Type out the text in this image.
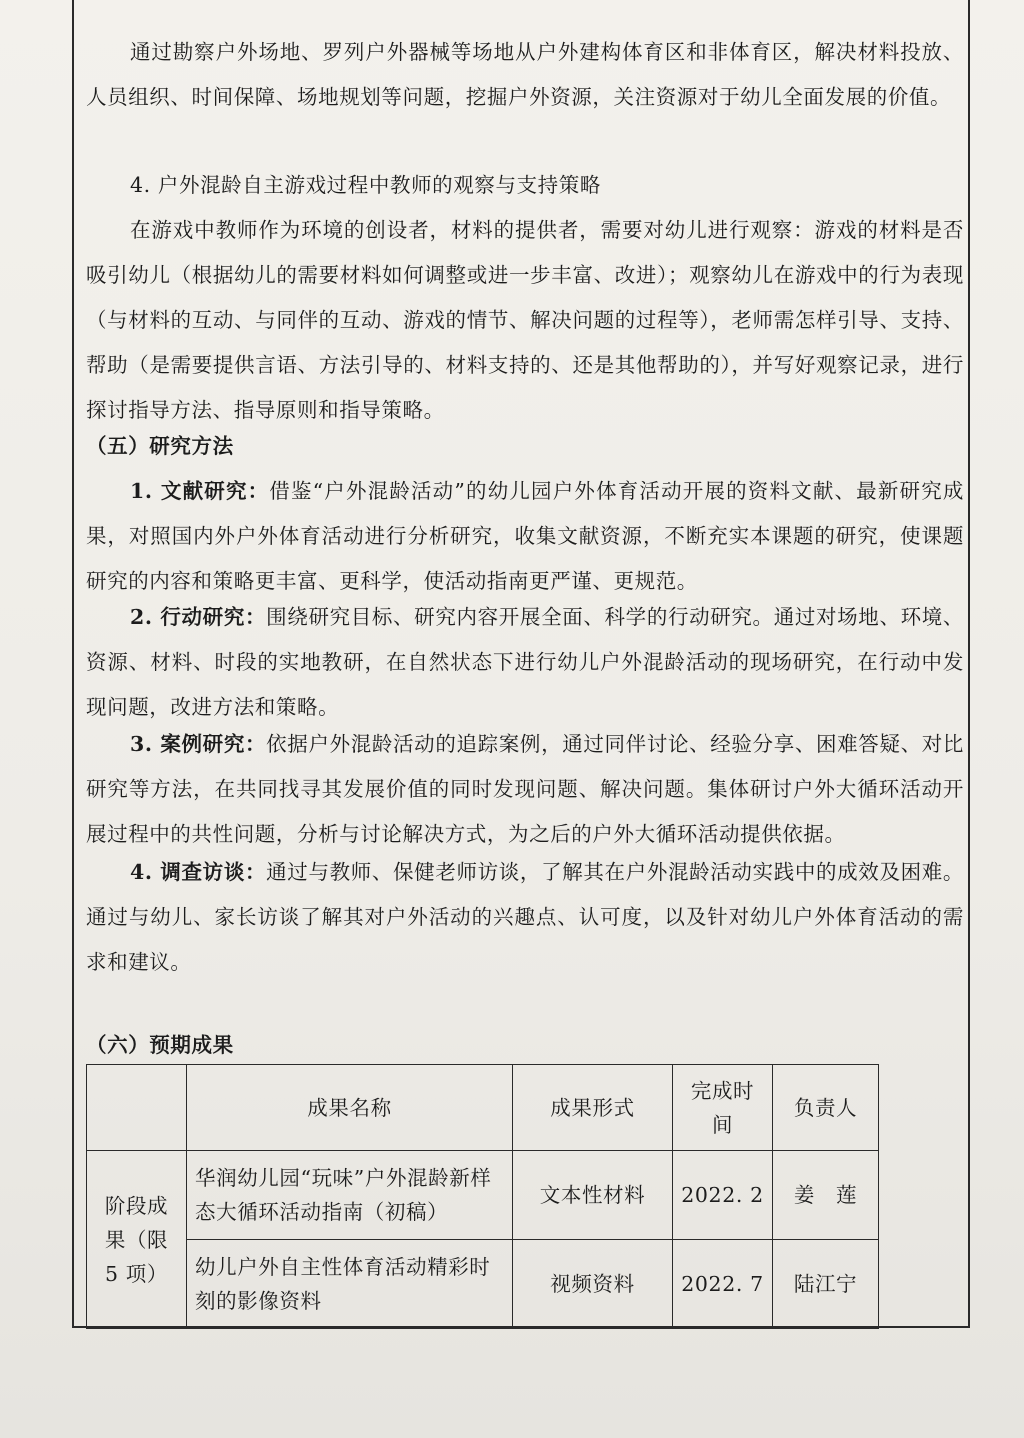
通过勘察户外场地、罗列户外器械等场地从户外建构体育区和非体育区，解决材料投放、人员组织、时间保障、场地规划等问题，挖掘户外资源，关注资源对于幼儿全面发展的价值。

4. 户外混龄自主游戏过程中教师的观察与支持策略

在游戏中教师作为环境的创设者，材料的提供者，需要对幼儿进行观察：游戏的材料是否吸引幼儿（根据幼儿的需要材料如何调整或进一步丰富、改进）；观察幼儿在游戏中的行为表现（与材料的互动、与同伴的互动、游戏的情节、解决问题的过程等），老师需怎样引导、支持、帮助（是需要提供言语、方法引导的、材料支持的、还是其他帮助的），并写好观察记录，进行探讨指导方法、指导原则和指导策略。

（五）研究方法

1. 文献研究：借鉴“户外混龄活动”的幼儿园户外体育活动开展的资料文献、最新研究成果，对照国内外户外体育活动进行分析研究，收集文献资源，不断充实本课题的研究，使课题研究的内容和策略更丰富、更科学，使活动指南更严谨、更规范。

2. 行动研究：围绕研究目标、研究内容开展全面、科学的行动研究。通过对场地、环境、资源、材料、时段的实地教研，在自然状态下进行幼儿户外混龄活动的现场研究，在行动中发现问题，改进方法和策略。

3. 案例研究：依据户外混龄活动的追踪案例，通过同伴讨论、经验分享、困难答疑、对比研究等方法，在共同找寻其发展价值的同时发现问题、解决问题。集体研讨户外大循环活动开展过程中的共性问题，分析与讨论解决方式，为之后的户外大循环活动提供依据。

4. 调查访谈：通过与教师、保健老师访谈，了解其在户外混龄活动实践中的成效及困难。通过与幼儿、家长访谈了解其对户外活动的兴趣点、认可度，以及针对幼儿户外体育活动的需求和建议。

（六）预期成果

	成果名称	成果形式	完成时间	负责人
阶段成果（限 5 项）	华润幼儿园“玩味”户外混龄新样态大循环活动指南（初稿）	文本性材料	2022. 2	姜　莲
	幼儿户外自主性体育活动精彩时刻的影像资料	视频资料	2022. 7	陆江宁
